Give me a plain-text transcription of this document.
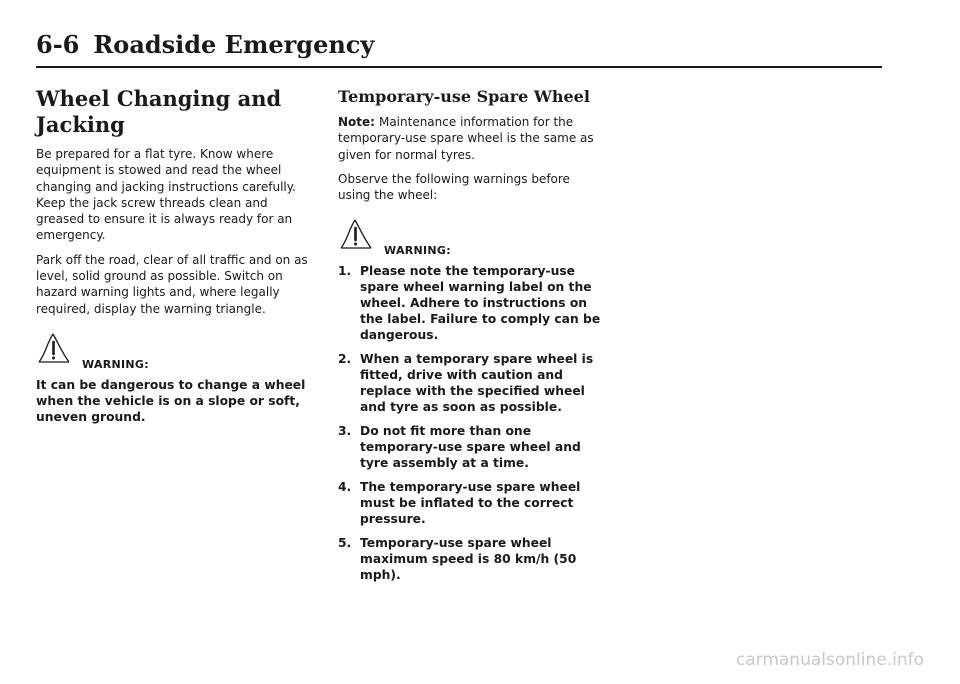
6-6 Roadside Emergency
Wheel Changing and Jacking

Be prepared for a flat tyre. Know where equipment is stowed and read the wheel changing and jacking instructions carefully. Keep the jack screw threads clean and greased to ensure it is always ready for an emergency.

Park off the road, clear of all traffic and on as level, solid ground as possible. Switch on hazard warning lights and, where legally required, display the warning triangle.

WARNING:

It can be dangerous to change a wheel when the vehicle is on a slope or soft, uneven ground.

Temporary-use Spare Wheel

Note: Maintenance information for the temporary-use spare wheel is the same as given for normal tyres.

Observe the following warnings before using the wheel:

WARNING:
1. Please note the temporary-use spare wheel warning label on the wheel. Adhere to instructions on the label. Failure to comply can be dangerous.
2. When a temporary spare wheel is fitted, drive with caution and replace with the specified wheel and tyre as soon as possible.
3. Do not fit more than one temporary-use spare wheel and tyre assembly at a time.
4. The temporary-use spare wheel must be inflated to the correct pressure.
5. Temporary-use spare wheel maximum speed is 80 km/h (50 mph).
carmanualsonline.info
